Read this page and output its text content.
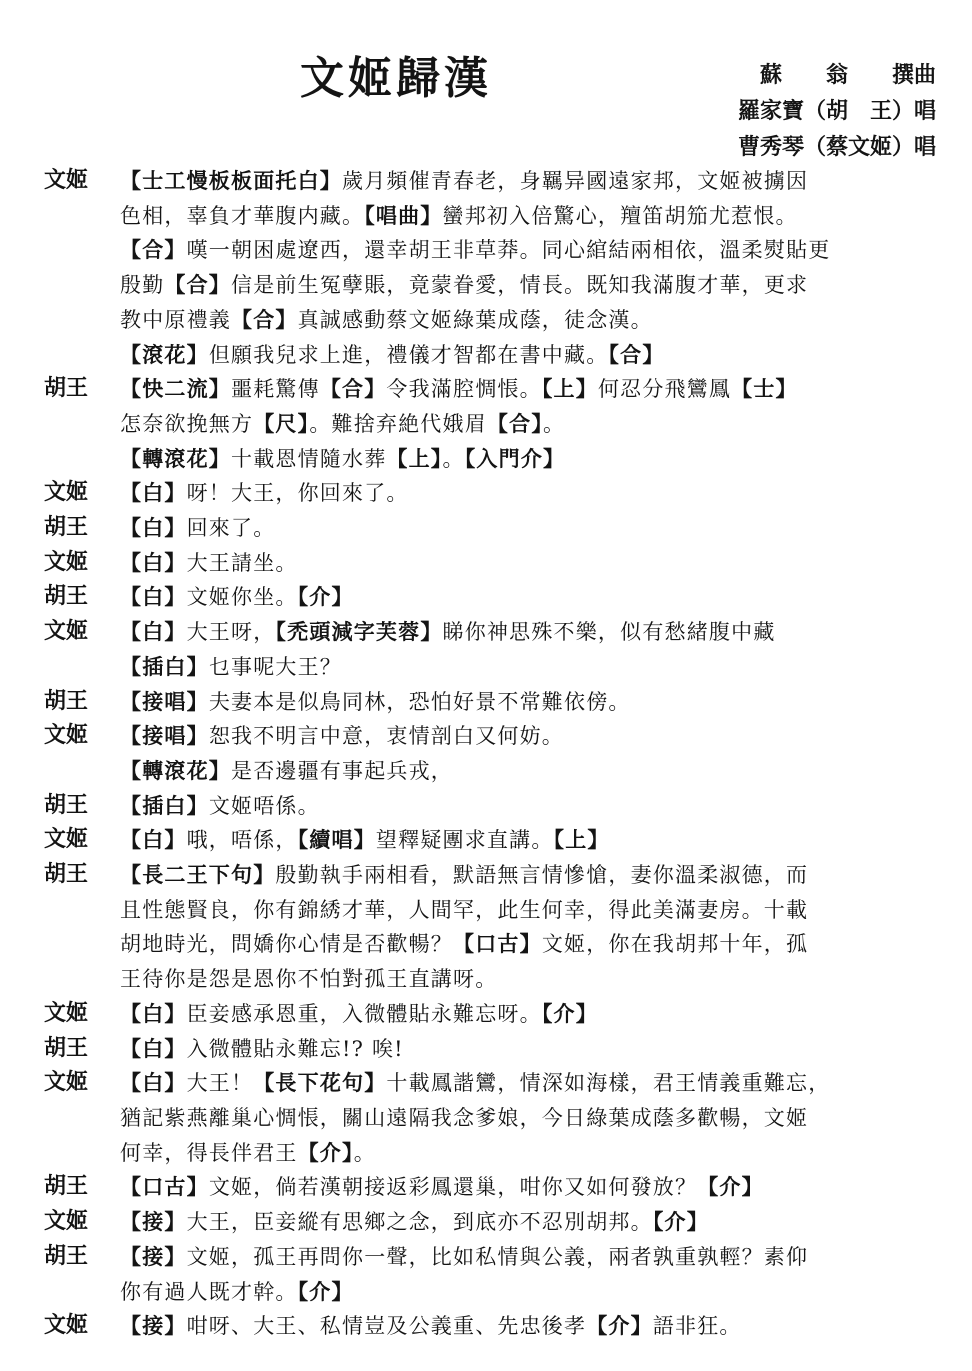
文姬歸漢	蘇　　翁　　撰曲
羅家寶（胡　王）唱
曹秀琴（蔡文姬）唱
文姬	【士工慢板板面托白】歲月頻催青春老，身羈异國遠家邦，文姬被擄因
色相，辜負才華腹内藏。【唱曲】蠻邦初入倍驚心，羶笛胡笳尤惹恨。
【合】嘆一朝困處遼西，還幸胡王非草莽。同心綰結兩相依，溫柔熨貼更
殷勤【合】信是前生冤孽賬，竟蒙眷愛，情長。既知我滿腹才華，更求
教中原禮義【合】真誠感動蔡文姬綠葉成蔭，徒念漢。
【滾花】但願我兒求上進，禮儀才智都在書中藏。【合】
胡王	【快二流】噩耗驚傳【合】令我滿腔惆悵。【上】何忍分飛鸞鳳【士】
怎奈欲挽無方【尺】。難捨弃絶代娥眉【合】。
【轉滾花】十載恩情隨水葬【上】。【入門介】
文姬	【白】呀！大王，你回來了。
胡王	【白】回來了。
文姬	【白】大王請坐。
胡王	【白】文姬你坐。【介】
文姬	【白】大王呀，【禿頭減字芙蓉】睇你神思殊不樂，似有愁緒腹中藏
【插白】乜事呢大王？
胡王	【接唱】夫妻本是似鳥同林，恐怕好景不常難依傍。
文姬	【接唱】恕我不明言中意，衷情剖白又何妨。
【轉滾花】是否邊疆有事起兵戎，
胡王	【插白】文姬唔係。
文姬	【白】哦，唔係，【續唱】望釋疑團求直講。【上】
胡王	【長二王下句】殷勤執手兩相看，默語無言情慘愴，妻你溫柔淑德，而
且性態賢良，你有錦綉才華，人間罕，此生何幸，得此美滿妻房。十載
胡地時光，問嬌你心情是否歡暢？【口古】文姬，你在我胡邦十年，孤
王待你是怨是恩你不怕對孤王直講呀。
文姬	【白】臣妾感承恩重，入微體貼永難忘呀。【介】
胡王	【白】入微體貼永難忘!? 唉!
文姬	【白】大王！【長下花句】十載鳳諧鸞，情深如海樣，君王情義重難忘，
猶記紫燕離巢心惆悵，關山遠隔我念爹娘，今日綠葉成蔭多歡暢，文姬
何幸，得長伴君王【介】。
胡王	【口古】文姬，倘若漢朝接返彩鳳還巢，咁你又如何發放？【介】
文姬	【接】大王，臣妾縱有思鄉之念，到底亦不忍別胡邦。【介】
胡王	【接】文姬，孤王再問你一聲，比如私情與公義，兩者孰重孰輕？素仰
你有過人既才幹。【介】
文姬	【接】咁呀、大王、私情豈及公義重、先忠後孝【介】語非狂。
